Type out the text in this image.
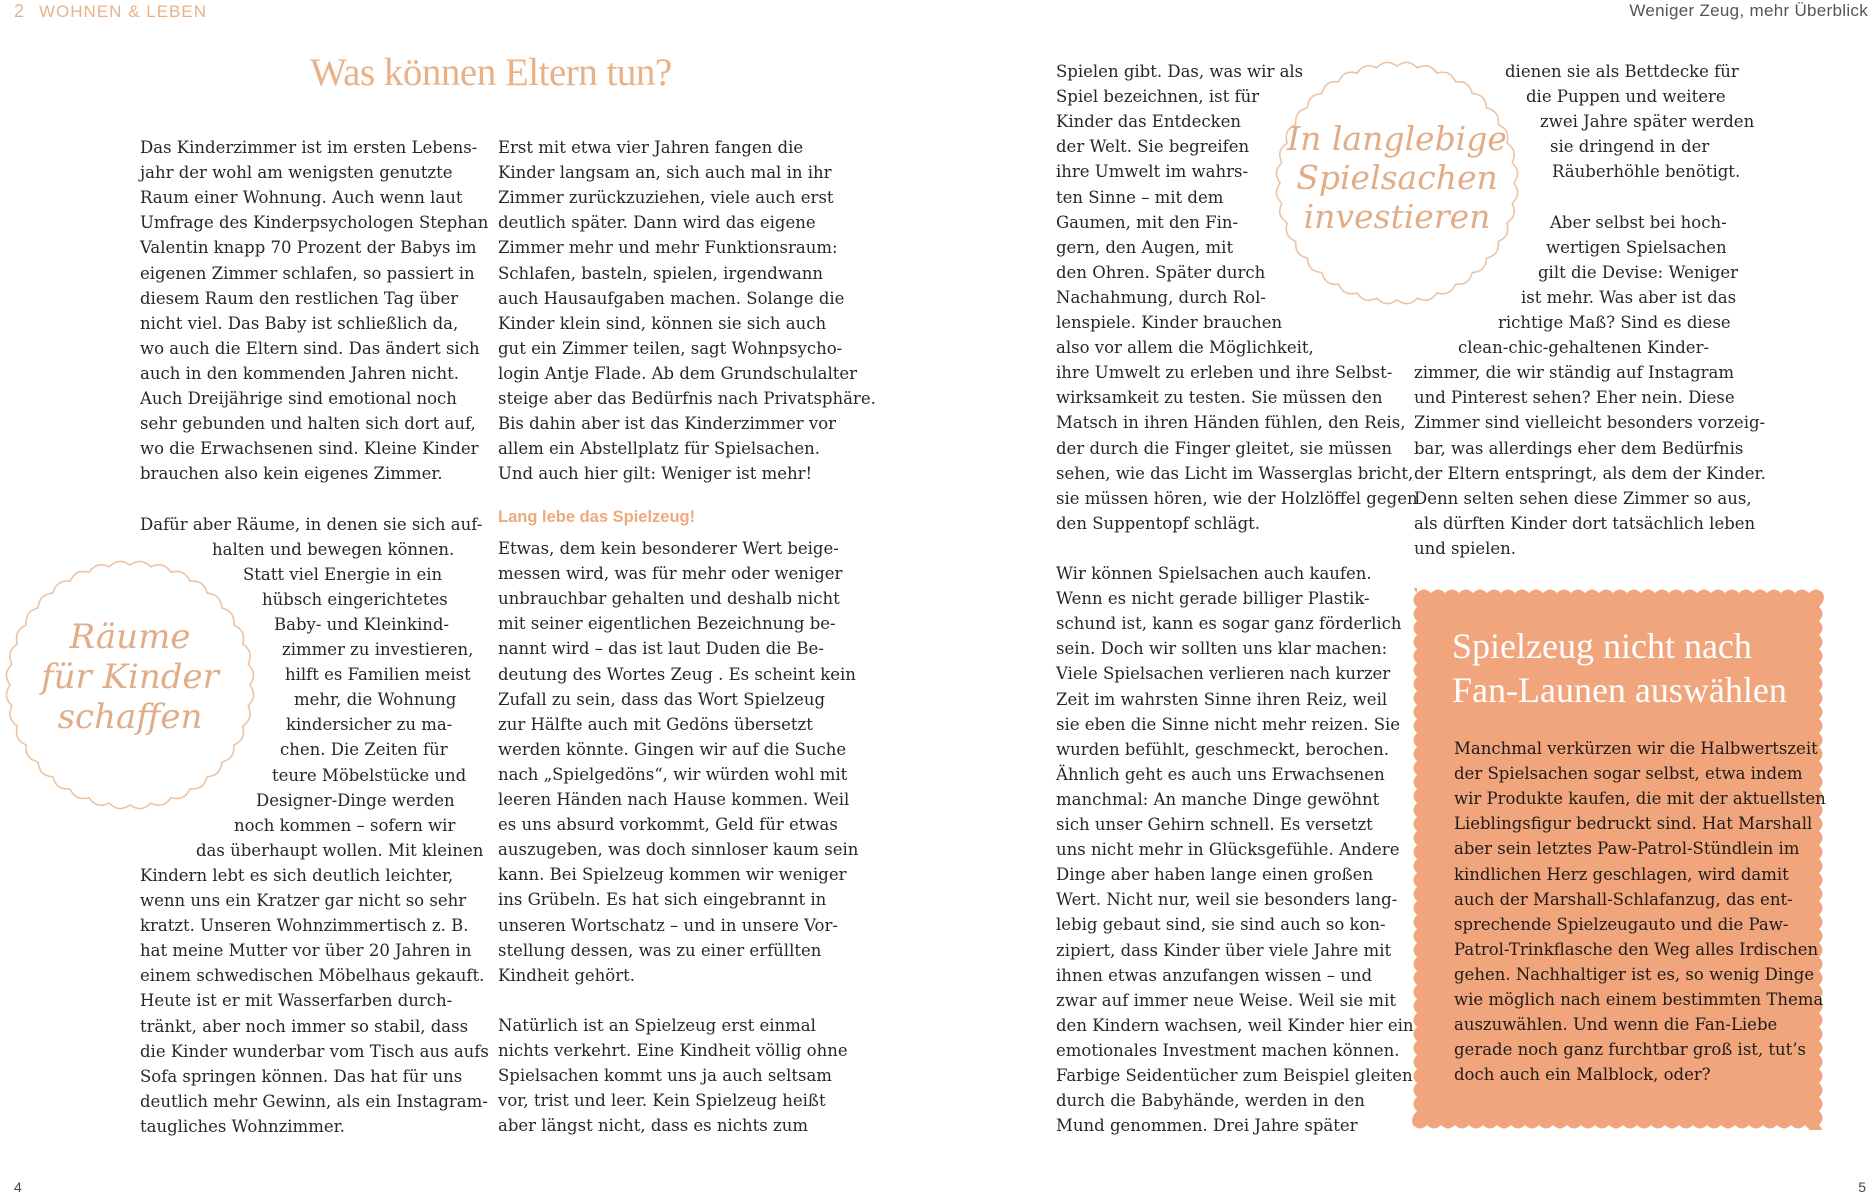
2 WOHNEN & LEBEN	Weniger Zeug, mehr Überblick
Was können Eltern tun?
Das Kinderzimmer ist im ersten Lebens-
jahr der wohl am wenigsten genutzte
Raum einer Wohnung. Auch wenn laut
Umfrage des Kinderpsychologen Stephan
Valentin knapp 70 Prozent der Babys im
eigenen Zimmer schlafen, so passiert in
diesem Raum den restlichen Tag über
nicht viel. Das Baby ist schließlich da,
wo auch die Eltern sind. Das ändert sich
auch in den kommenden Jahren nicht.
Auch Dreijährige sind emotional noch
sehr gebunden und halten sich dort auf,
wo die Erwachsenen sind. Kleine Kinder
brauchen also kein eigenes Zimmer.
Dafür aber Räume, in denen sie sich auf-
halten und bewegen können.
Statt viel Energie in ein
hübsch eingerichtetes
Baby- und Kleinkind-
zimmer zu investieren,
hilft es Familien meist
mehr, die Wohnung
kindersicher zu ma-
chen. Die Zeiten für
teure Möbelstücke und
Designer-Dinge werden
noch kommen – sofern wir
das überhaupt wollen. Mit kleinen
Kindern lebt es sich deutlich leichter,
wenn uns ein Kratzer gar nicht so sehr
kratzt. Unseren Wohnzimmertisch z. B.
hat meine Mutter vor über 20 Jahren in
einem schwedischen Möbelhaus gekauft.
Heute ist er mit Wasserfarben durch-
tränkt, aber noch immer so stabil, dass
die Kinder wunderbar vom Tisch aus aufs
Sofa springen können. Das hat für uns
deutlich mehr Gewinn, als ein Instagram-
taugliches Wohnzimmer.
Erst mit etwa vier Jahren fangen die
Kinder langsam an, sich auch mal in ihr
Zimmer zurückzuziehen, viele auch erst
deutlich später. Dann wird das eigene
Zimmer mehr und mehr Funktionsraum:
Schlafen, basteln, spielen, irgendwann
auch Hausaufgaben machen. Solange die
Kinder klein sind, können sie sich auch
gut ein Zimmer teilen, sagt Wohnpsycho-
login Antje Flade. Ab dem Grundschulalter
steige aber das Bedürfnis nach Privatsphäre.
Bis dahin aber ist das Kinderzimmer vor
allem ein Abstellplatz für Spielsachen.
Und auch hier gilt: Weniger ist mehr!
Etwas, dem kein besonderer Wert beige-
messen wird, was für mehr oder weniger
unbrauchbar gehalten und deshalb nicht
mit seiner eigentlichen Bezeichnung be-
nannt wird – das ist laut Duden die Be-
deutung des Wortes Zeug . Es scheint kein
Zufall zu sein, dass das Wort Spielzeug
zur Hälfte auch mit Gedöns übersetzt
werden könnte. Gingen wir auf die Suche
nach „Spielgedöns“, wir würden wohl mit
leeren Händen nach Hause kommen. Weil
es uns absurd vorkommt, Geld für etwas
auszugeben, was doch sinnloser kaum sein
kann. Bei Spielzeug kommen wir weniger
ins Grübeln. Es hat sich eingebrannt in
unseren Wortschatz – und in unsere Vor-
stellung dessen, was zu einer erfüllten
Kindheit gehört.
Natürlich ist an Spielzeug erst einmal
nichts verkehrt. Eine Kindheit völlig ohne
Spielsachen kommt uns ja auch seltsam
vor, trist und leer. Kein Spielzeug heißt
aber längst nicht, dass es nichts zum
Spielen gibt. Das, was wir als
Spiel bezeichnen, ist für
Kinder das Entdecken
der Welt. Sie begreifen
ihre Umwelt im wahrs-
ten Sinne – mit dem
Gaumen, mit den Fin-
gern, den Augen, mit
den Ohren. Später durch
Nachahmung, durch Rol-
lenspiele. Kinder brauchen
also vor allem die Möglichkeit,
ihre Umwelt zu erleben und ihre Selbst-
wirksamkeit zu testen. Sie müssen den
Matsch in ihren Händen fühlen, den Reis,
der durch die Finger gleitet, sie müssen
sehen, wie das Licht im Wasserglas bricht,
sie müssen hören, wie der Holzlöffel gegen
den Suppentopf schlägt.
Wir können Spielsachen auch kaufen.
Wenn es nicht gerade billiger Plastik-
schund ist, kann es sogar ganz förderlich
sein. Doch wir sollten uns klar machen:
Viele Spielsachen verlieren nach kurzer
Zeit im wahrsten Sinne ihren Reiz, weil
sie eben die Sinne nicht mehr reizen. Sie
wurden befühlt, geschmeckt, berochen.
Ähnlich geht es auch uns Erwachsenen
manchmal: An manche Dinge gewöhnt
sich unser Gehirn schnell. Es versetzt
uns nicht mehr in Glücksgefühle. Andere
Dinge aber haben lange einen großen
Wert. Nicht nur, weil sie besonders lang-
lebig gebaut sind, sie sind auch so kon-
zipiert, dass Kinder über viele Jahre mit
ihnen etwas anzufangen wissen – und
zwar auf immer neue Weise. Weil sie mit
den Kindern wachsen, weil Kinder hier ein
emotionales Investment machen können.
Farbige Seidentücher zum Beispiel gleiten
durch die Babyhände, werden in den
Mund genommen. Drei Jahre später
dienen sie als Bettdecke für
die Puppen und weitere
zwei Jahre später werden
sie dringend in der
Räuberhöhle benötigt.
Aber selbst bei hoch-
wertigen Spielsachen
gilt die Devise: Weniger
ist mehr. Was aber ist das
richtige Maß? Sind es diese
clean-chic-gehaltenen Kinder-
zimmer, die wir ständig auf Instagram
und Pinterest sehen? Eher nein. Diese
Zimmer sind vielleicht besonders vorzeig-
bar, was allerdings eher dem Bedürfnis
der Eltern entspringt, als dem der Kinder.
Denn selten sehen diese Zimmer so aus,
als dürften Kinder dort tatsächlich leben
und spielen.
Lang lebe das Spielzeug!
Räume
für Kinder
schaffen
In langlebige
Spielsachen
investieren
Spielzeug nicht nach
Fan-Launen auswählen
Manchmal verkürzen wir die Halbwertszeit
der Spielsachen sogar selbst, etwa indem
wir Produkte kaufen, die mit der aktuellsten
Lieblingsfigur bedruckt sind. Hat Marshall
aber sein letztes Paw-Patrol-Stündlein im
kindlichen Herz geschlagen, wird damit
auch der Marshall-Schlafanzug, das ent-
sprechende Spielzeugauto und die Paw-
Patrol-Trinkflasche den Weg alles Irdischen
gehen. Nachhaltiger ist es, so wenig Dinge
wie möglich nach einem bestimmten Thema
auszuwählen. Und wenn die Fan-Liebe
gerade noch ganz furchtbar groß ist, tut’s
doch auch ein Malblock, oder?
4	5
